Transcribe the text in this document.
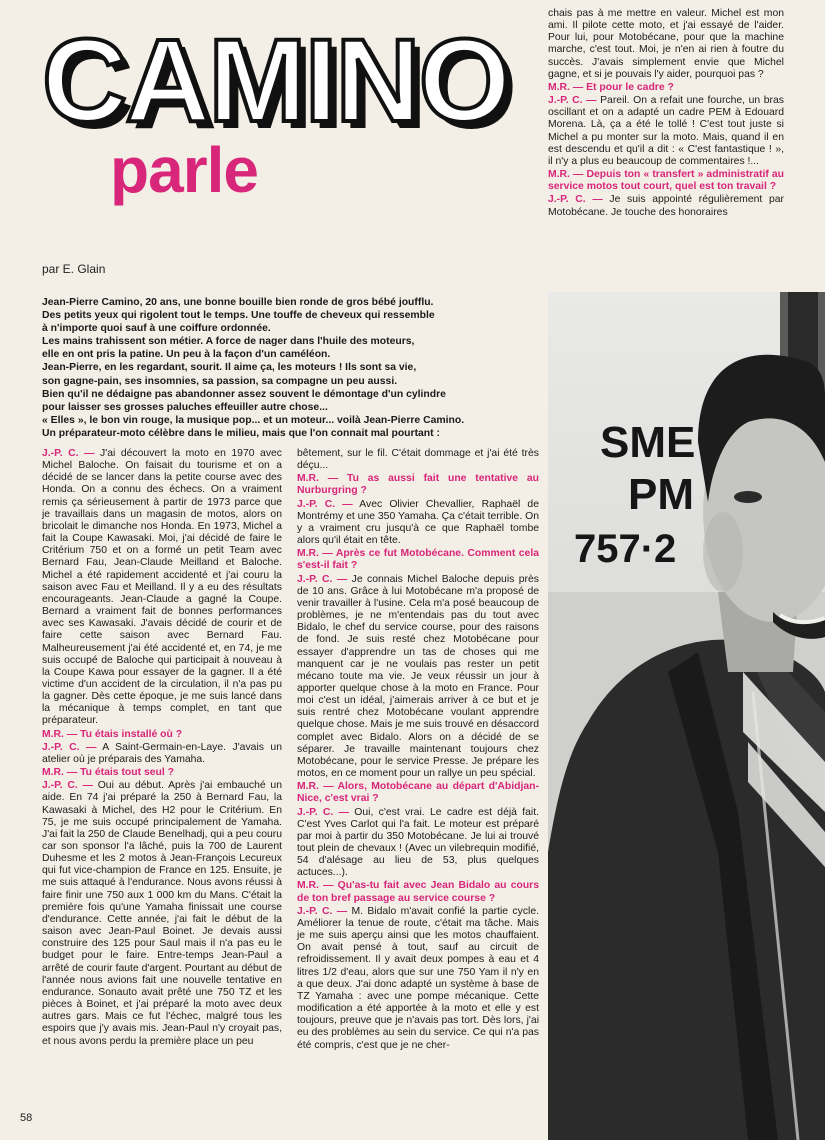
CAMINO
parle
par E. Glain

Jean-Pierre Camino, 20 ans, une bonne bouille bien ronde de gros bébé joufflu.

Des petits yeux qui rigolent tout le temps. Une touffe de cheveux qui ressemble

à n'importe quoi sauf à une coiffure ordonnée.

Les mains trahissent son métier. A force de nager dans l'huile des moteurs,

elle en ont pris la patine. Un peu à la façon d'un caméléon.

Jean-Pierre, en les regardant, sourit. Il aime ça, les moteurs ! Ils sont sa vie,

son gagne-pain, ses insomnies, sa passion, sa compagne un peu aussi.

Bien qu'il ne dédaigne pas abandonner assez souvent le démontage d'un cylindre

pour laisser ses grosses paluches effeuiller autre chose...

« Elles », le bon vin rouge, la musique pop... et un moteur... voilà Jean-Pierre Camino.

Un préparateur-moto célèbre dans le milieu, mais que l'on connait mal pourtant :

J.-P. C. — J'ai découvert la moto en 1970 avec Michel Baloche. On faisait du tourisme et on a décidé de se lancer dans la petite course avec des Honda. On a connu des échecs. On a vraiment remis ça sérieusement à partir de 1973 parce que je travaillais dans un magasin de motos, alors on bricolait le dimanche nos Honda. En 1973, Michel a fait la Coupe Kawasaki. Moi, j'ai décidé de faire le Critérium 750 et on a formé un petit Team avec Bernard Fau, Jean-Claude Meilland et Baloche. Michel a été rapidement accidenté et j'ai couru la saison avec Fau et Meilland. Il y a eu des résultats encourageants. Jean-Claude a gagné la Coupe. Bernard a vraiment fait de bonnes performances avec ses Kawasaki. J'avais décidé de courir et de faire cette saison avec Bernard Fau. Malheureusement j'ai été accidenté et, en 74, je me suis occupé de Baloche qui participait à nouveau à la Coupe Kawa pour essayer de la gagner. Il a été victime d'un accident de la circulation, il n'a pas pu la gagner. Dès cette époque, je me suis lancé dans la mécanique à temps complet, en tant que préparateur.

M.R. — Tu étais installé où ?

J.-P. C. — A Saint-Germain-en-Laye. J'avais un atelier où je préparais des Yamaha.

M.R. — Tu étais tout seul ?

J.-P. C. — Oui au début. Après j'ai embauché un aide. En 74 j'ai préparé la 250 à Bernard Fau, la Kawasaki à Michel, des H2 pour le Critérium. En 75, je me suis occupé principalement de Yamaha. J'ai fait la 250 de Claude Benelhadj, qui a peu couru car son sponsor l'a lâché, puis la 700 de Laurent Duhesme et les 2 motos à Jean-François Lecureux qui fut vice-champion de France en 125. Ensuite, je me suis attaqué à l'endurance. Nous avons réussi à faire finir une 750 aux 1 000 km du Mans. C'était la première fois qu'une Yamaha finissait une course d'endurance. Cette année, j'ai fait le début de la saison avec Jean-Paul Boinet. Je devais aussi construire des 125 pour Saul mais il n'a pas eu le budget pour le faire. Entre-temps Jean-Paul a arrêté de courir faute d'argent. Pourtant au début de l'année nous avions fait une nouvelle tentative en endurance. Sonauto avait prêté une 750 TZ et les pièces à Boinet, et j'ai préparé la moto avec deux autres gars. Mais ce fut l'échec, malgré tous les espoirs que j'y avais mis. Jean-Paul n'y croyait pas, et nous avons perdu la première place un peu

bêtement, sur le fil. C'était dommage et j'ai été très déçu...

M.R. — Tu as aussi fait une tentative au Nurburgring ?

J.-P. C. — Avec Olivier Chevallier, Raphaël de Montrémy et une 350 Yamaha. Ça c'était terrible. On y a vraiment cru jusqu'à ce que Raphaël tombe alors qu'il était en tête.

M.R. — Après ce fut Motobécane. Comment cela s'est-il fait ?

J.-P. C. — Je connais Michel Baloche depuis près de 10 ans. Grâce à lui Motobécane m'a proposé de venir travailler à l'usine. Cela m'a posé beaucoup de problèmes, je ne m'entendais pas du tout avec Bidalo, le chef du service course, pour des raisons de fond. Je suis resté chez Motobécane pour essayer d'apprendre un tas de choses qui me manquent car je ne voulais pas rester un petit mécano toute ma vie. Je veux réussir un jour à apporter quelque chose à la moto en France. Pour moi c'est un idéal, j'aimerais arriver à ce but et je suis rentré chez Motobécane voulant apprendre quelque chose. Mais je me suis trouvé en désaccord complet avec Bidalo. Alors on a décidé de se séparer. Je travaille maintenant toujours chez Motobécane, pour le service Presse. Je prépare les motos, en ce moment pour un rallye un peu spécial.

M.R. — Alors, Motobécane au départ d'Abidjan-Nice, c'est vrai ?

J.-P. C. — Oui, c'est vrai. Le cadre est déjà fait. C'est Yves Carlot qui l'a fait. Le moteur est préparé par moi à partir du 350 Motobécane. Je lui ai trouvé tout plein de chevaux ! (Avec un vilebrequin modifié, 54 d'alésage au lieu de 53, plus quelques actuces...).

M.R. — Qu'as-tu fait avec Jean Bidalo au cours de ton bref passage au service course ?

J.-P. C. — M. Bidalo m'avait confié la partie cycle. Améliorer la tenue de route, c'était ma tâche. Mais je me suis aperçu ainsi que les motos chauffaient. On avait pensé à tout, sauf au circuit de refroidissement. Il y avait deux pompes à eau et 4 litres 1/2 d'eau, alors que sur une 750 Yam il n'y en a que deux. J'ai donc adapté un système à base de TZ Yamaha : avec une pompe mécanique. Cette modification a été apportée à la moto et elle y est toujours, preuve que je n'avais pas tort. Dès lors, j'ai eu des problèmes au sein du service. Ce qui n'a pas été compris, c'est que je ne cher-

chais pas à me mettre en valeur. Michel est mon ami. Il pilote cette moto, et j'ai essayé de l'aider. Pour lui, pour Motobécane, pour que la machine marche, c'est tout. Moi, je n'en ai rien à foutre du succès. J'avais simplement envie que Michel gagne, et si je pouvais l'y aider, pourquoi pas ?

M.R. — Et pour le cadre ?

J.-P. C. — Pareil. On a refait une fourche, un bras oscillant et on a adapté un cadre PEM à Edouard Morena. Là, ça a été le tollé ! C'est tout juste si Michel a pu monter sur la moto. Mais, quand il en est descendu et qu'il a dit : « C'est fantastique ! », il n'y a plus eu beaucoup de commentaires !...

M.R. — Depuis ton « transfert » administratif au service motos tout court, quel est ton travail ?

J.-P. C. — Je suis appointé régulièrement par Motobécane. Je touche des honoraires

SME
PM
757·2
58
